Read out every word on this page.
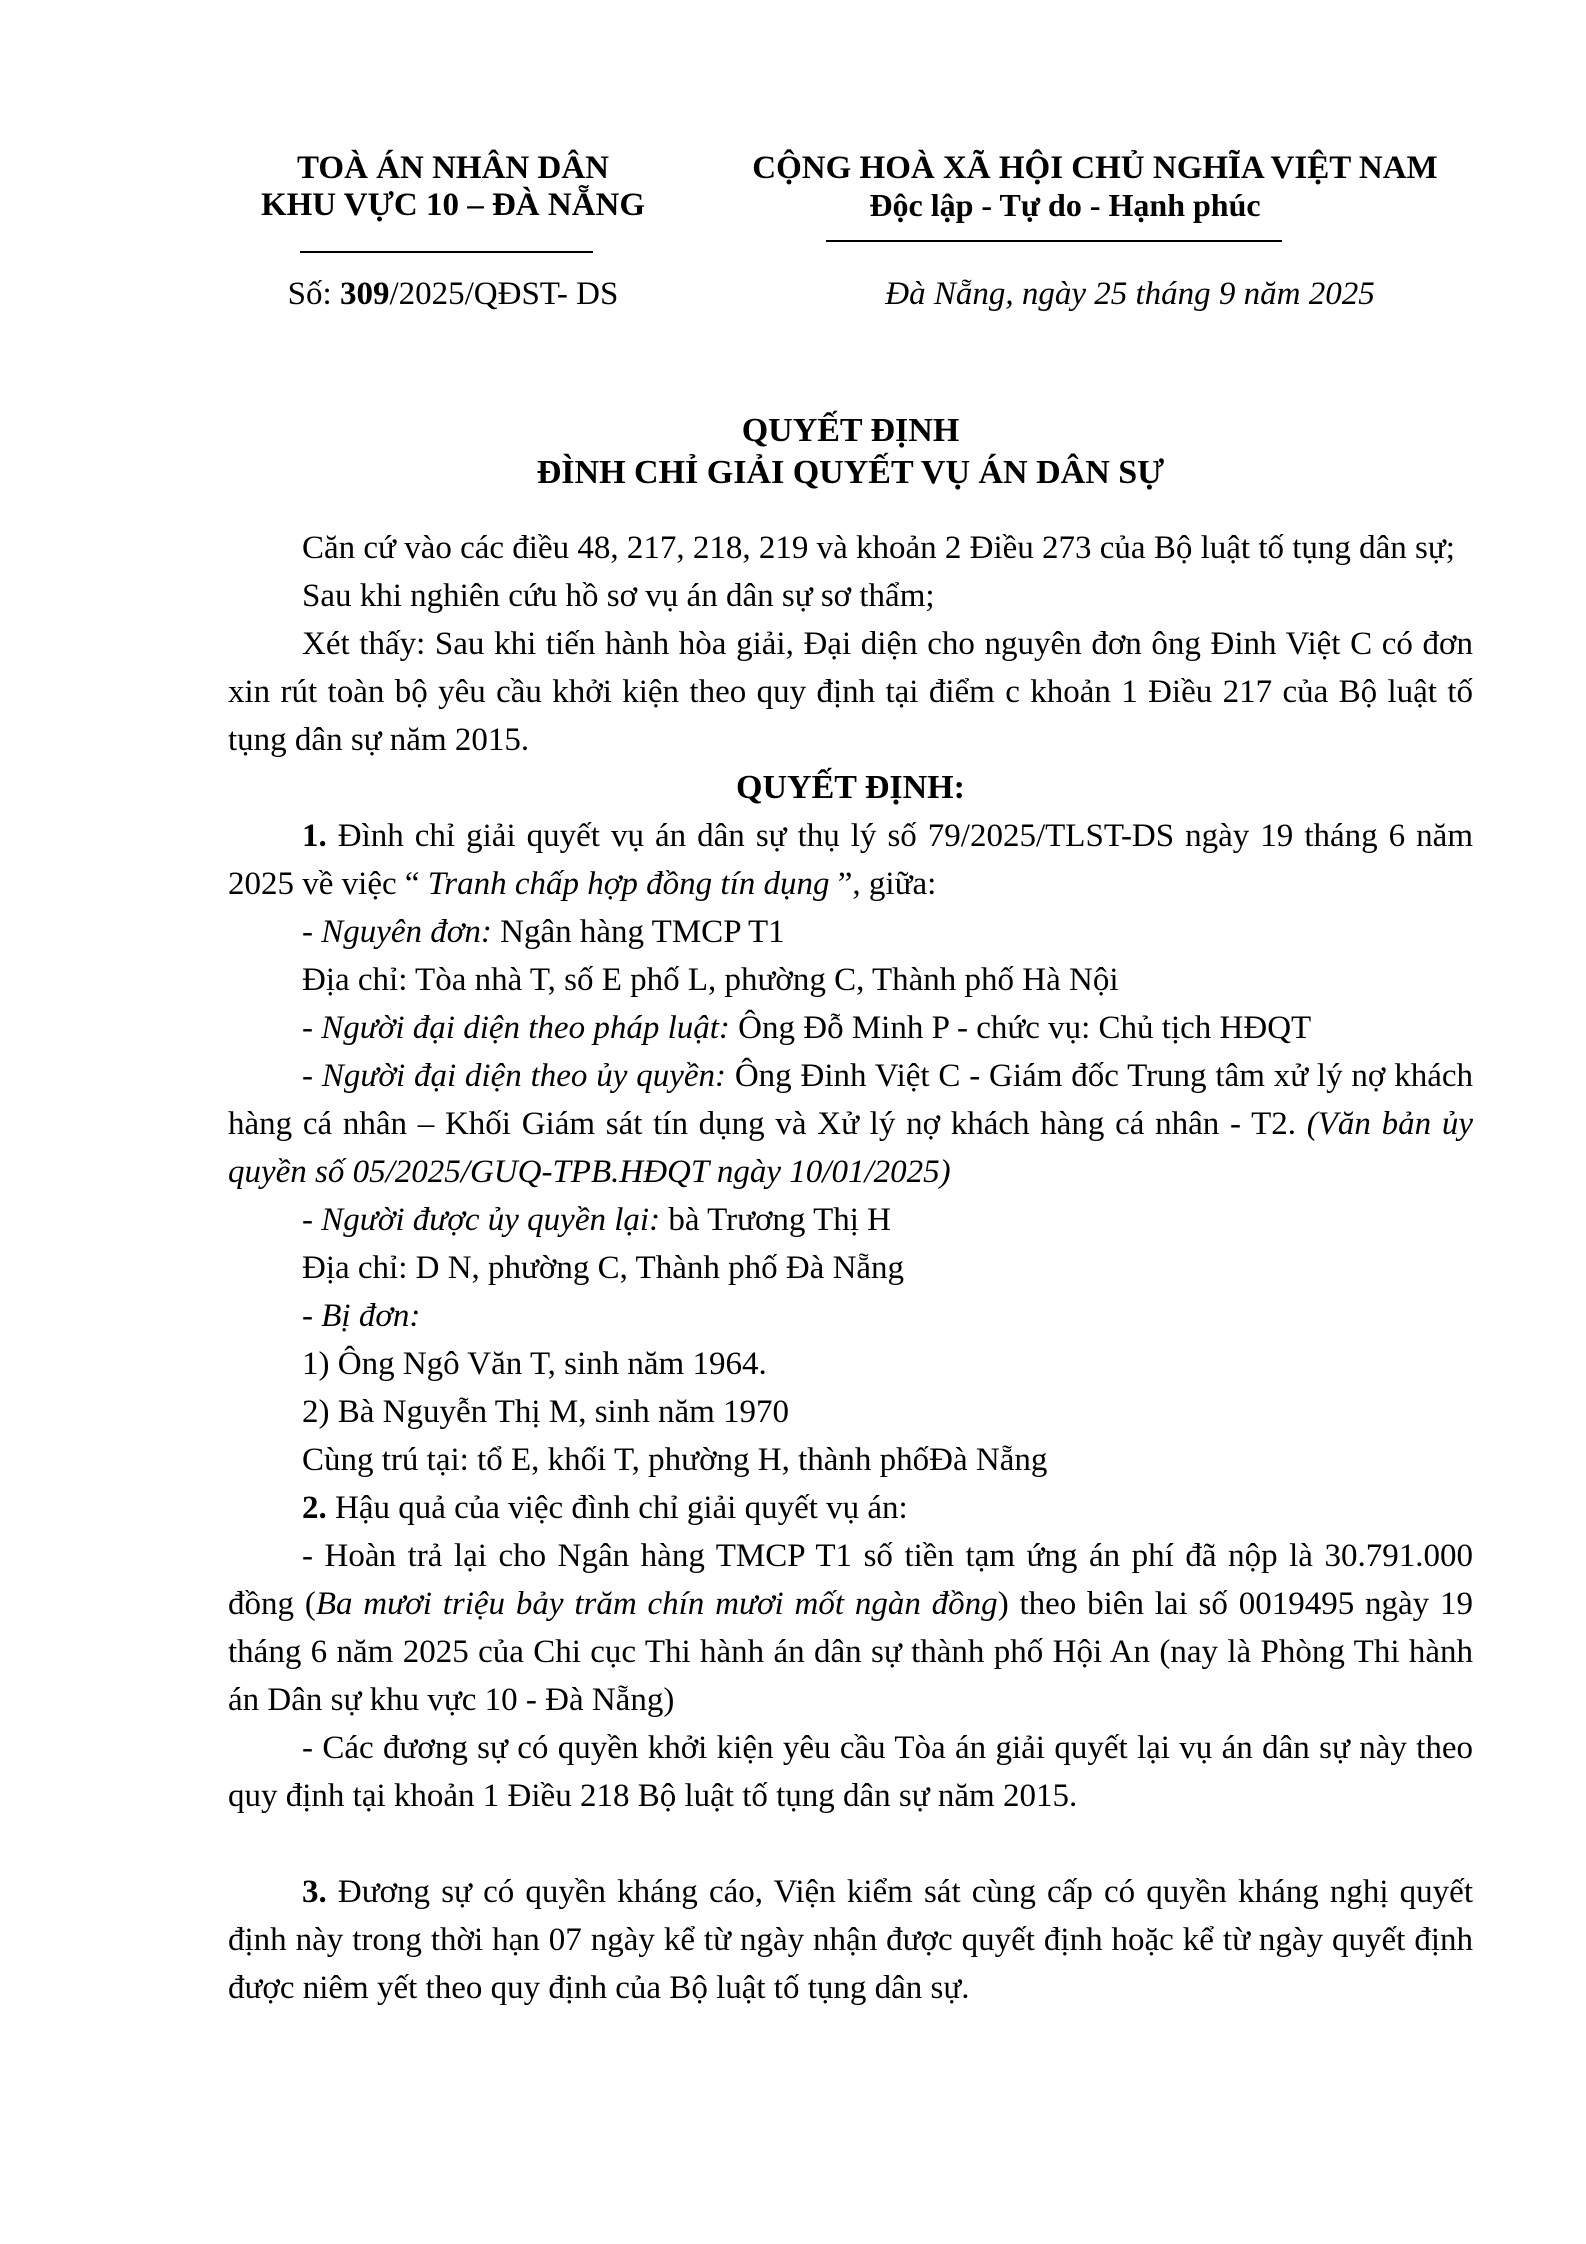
TOÀ ÁN NHÂN DÂN
KHU VỰC 10 – ĐÀ NẴNG
CỘNG HOÀ XÃ HỘI CHỦ NGHĨA VIỆT NAM
Độc lập - Tự do - Hạnh phúc
Số: 309/2025/QĐST- DS	Đà Nẵng, ngày 25 tháng 9 năm 2025
QUYẾT ĐỊNH
ĐÌNH CHỈ GIẢI QUYẾT VỤ ÁN DÂN SỰ

Căn cứ vào các điều 48, 217, 218, 219 và khoản 2 Điều 273 của Bộ luật tố tụng dân sự;

Sau khi nghiên cứu hồ sơ vụ án dân sự sơ thẩm;

Xét thấy: Sau khi tiến hành hòa giải, Đại diện cho nguyên đơn ông Đinh Việt C có đơn xin rút toàn bộ yêu cầu khởi kiện theo quy định tại điểm c khoản 1 Điều 217 của Bộ luật tố tụng dân sự năm 2015.

QUYẾT ĐỊNH:

1. Đình chỉ giải quyết vụ án dân sự thụ lý số 79/2025/TLST-DS ngày 19 tháng 6 năm 2025 về việc “ Tranh chấp hợp đồng tín dụng ”, giữa:

- Nguyên đơn: Ngân hàng TMCP T1

Địa chỉ: Tòa nhà T, số E phố L, phường C, Thành phố Hà Nội

- Người đại diện theo pháp luật: Ông Đỗ Minh P - chức vụ: Chủ tịch HĐQT

- Người đại diện theo ủy quyền: Ông Đinh Việt C - Giám đốc Trung tâm xử lý nợ khách hàng cá nhân – Khối Giám sát tín dụng và Xử lý nợ khách hàng cá nhân - T2. (Văn bản ủy quyền số 05/2025/GUQ-TPB.HĐQT ngày 10/01/2025)

- Người được ủy quyền lại: bà Trương Thị H

Địa chỉ: D N, phường C, Thành phố Đà Nẵng

- Bị đơn:

1) Ông Ngô Văn T, sinh năm 1964.

2) Bà Nguyễn Thị M, sinh năm 1970

Cùng trú tại: tổ E, khối T, phường H, thành phốĐà Nẵng

2. Hậu quả của việc đình chỉ giải quyết vụ án:

- Hoàn trả lại cho Ngân hàng TMCP T1 số tiền tạm ứng án phí đã nộp là 30.791.000 đồng (Ba mươi triệu bảy trăm chín mươi mốt ngàn đồng) theo biên lai số 0019495 ngày 19 tháng 6 năm 2025 của Chi cục Thi hành án dân sự thành phố Hội An (nay là Phòng Thi hành án Dân sự khu vực 10 - Đà Nẵng)

- Các đương sự có quyền khởi kiện yêu cầu Tòa án giải quyết lại vụ án dân sự này theo quy định tại khoản 1 Điều 218 Bộ luật tố tụng dân sự năm 2015.

3. Đương sự có quyền kháng cáo, Viện kiểm sát cùng cấp có quyền kháng nghị quyết định này trong thời hạn 07 ngày kể từ ngày nhận được quyết định hoặc kể từ ngày quyết định được niêm yết theo quy định của Bộ luật tố tụng dân sự.
